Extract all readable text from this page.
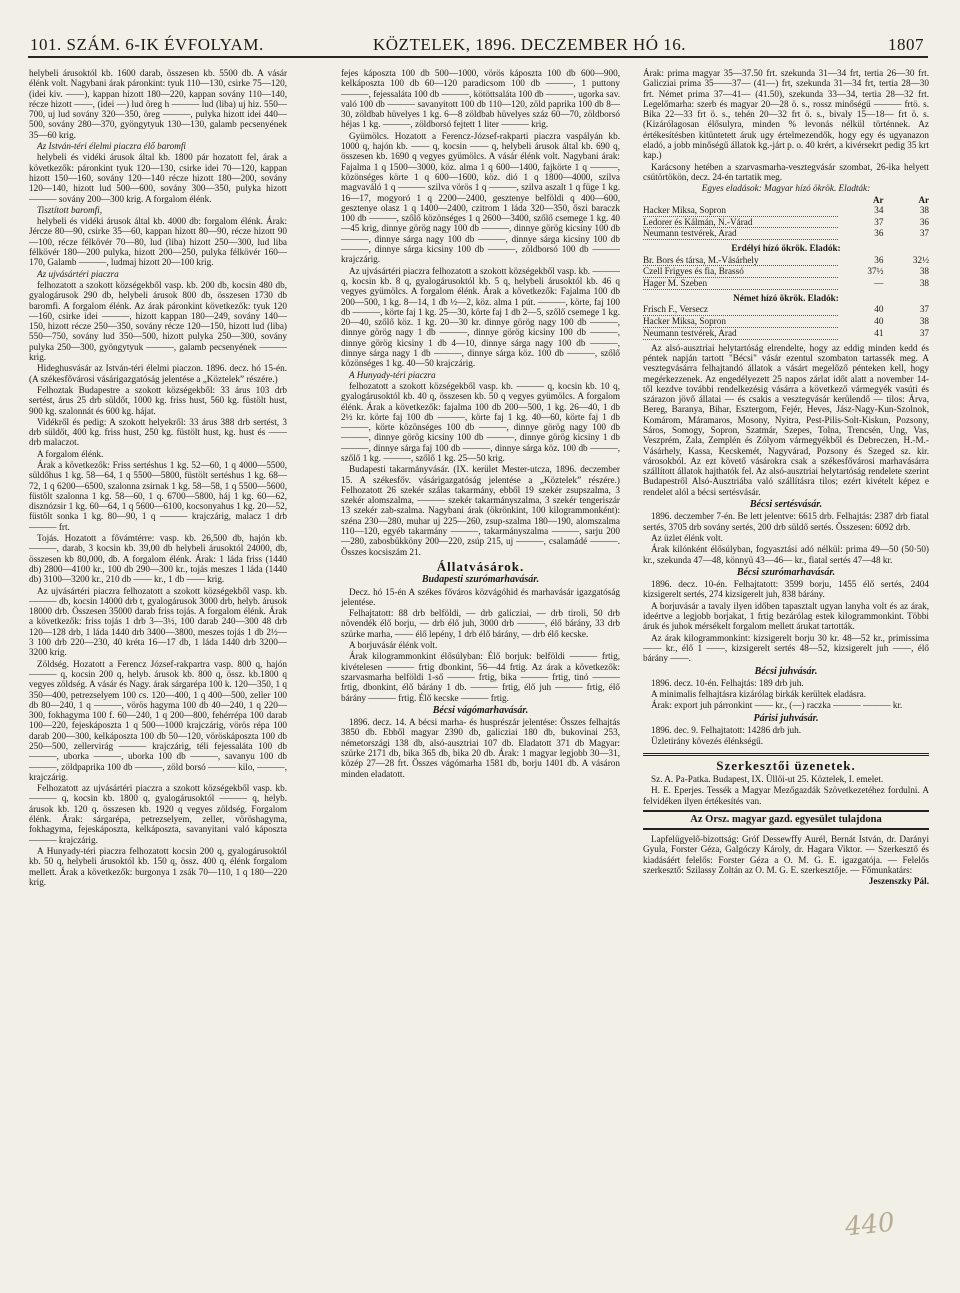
101. SZÁM. 6-IK ÉVFOLYAM.	KÖZTELEK, 1896. DECZEMBER HÓ 16.	1807

helybeli árusoktól kb. 1600 darab, összesen kb. 5500 db. A vásár élénk volt. Nagybani árak páronkint: tyuk 110—130, csirke 75—120, (idei kiv. ——), kappan hizott 180—220, kappan sovány 110—140, récze hizott ——, (idei —) lud öreg h ——— lud (liba) uj hiz. 550—700, uj lud sovány 320—350, öreg ———, pulyka hizott idei 440—500, sovány 280—370, gyöngytyuk 130—130, galamb pecsenyének 35—60 krig.

Az István-téri élelmi piaczra élő baromfi

helybeli és vidéki árusok által kb. 1800 pár hozatott fel, árak a következők: páronkint tyuk 120—130, csirke idei 70—120, kappan hizott 150—160, sovány 120—140 récze hizott 180—200, sovány 120—140, hizott lud 500—600, sovány 300—350, pulyka hizott ——— sovány 200—300 krig. A forgalom élénk.

Tisztított baromfi,

helybeli és vidéki árusok által kb. 4000 db: forgalom élénk. Árak: Jércze 80—90, csirke 35—60, kappan hizott 80—90, récze hizott 90—100, récze félkövér 70—80, lud (liba) hizott 250—300, lud liba félkövér 180—200 pulyka, hizott 200—250, pulyka félkövér 160—170, Galamb ———, ludmaj hizott 20—100 krig.

Az ujvásártéri piaczra

felhozatott a szokott községekből vasp. kb. 200 db, kocsin 480 db, gyalogárusok 290 db, helybeli árusok 800 db, összesen 1730 db baromfi. A forgalom élénk. Az árak páronkint következők: tyuk 120—160, csirke idei ———, hizott kappan 180—249, sovány 140—150, hizott récze 250—350, sovány récze 120—150, hizott lud (liba) 550—750, sovány lud 350—500, hizott pulyka 250—300, sovány pulyka 250—300, gyöngytyuk ———, galamb pecsenyének ——— krig.

Hideghusvásár az István-téri élelmi piaczon. 1896. decz. hó 15-én. (A székesfővárosi vásárigazgatóság jelentése a „Köztelek” részére.)

Felhoztak Budapestre a szokott községekből: 33 árus 103 drb sertést, árus 25 drb süldőt, 1000 kg. friss hust, 560 kg. füstölt hust, 900 kg. szalonnát és 600 kg. hájat.

Vidékről és pedig: A szokott helyekről: 33 árus 388 drb sertést, 3 drb süldőt, 400 kg. friss hust, 250 kg. füstölt hust, kg. hust és —— drb malaczot.

A forgalom élénk.

Árak a következők: Friss sertéshus 1 kg. 52—60, 1 q 4000—5500, süldőhus 1 kg. 58—64, 1 q 5500—5800, füstölt sertéshus 1 kg. 68—72, 1 q 6200—6500, szalonna zsirnak 1 kg. 58—58, 1 q 5500—5600, füstölt szalonna 1 kg. 58—60, 1 q. 6700—5800, háj 1 kg. 60—62, disznózsir 1 kg. 60—64, 1 q 5600—6100, kocsonyahus 1 kg. 20—52, füstölt sonka 1 kg. 80—90, 1 q ——— krajczárig, malacz 1 drb ——— frt.

Tojás. Hozatott a fővámtérre: vasp. kb. 26,500 db, hajón kb. ———, darab, 3 kocsin kb. 39,00 db helybeli árusoktól 24000, db, összesen kb 80,000, db. A forgalom élénk. Árak: 1 láda friss (1440 db) 2800—4100 kr., 100 db 290—300 kr., tojás meszes 1 láda (1440 db) 3100—3200 kr., 210 db —— kr., 1 db —— krig.

Az ujvásártéri piaczra felhozatott a szokott községekből vasp. kb. ——— db, kocsin 14000 drb t, gyalogárusok 3000 drb, helyb. árusok 18000 drb. Összesen 35000 darab friss tojás. A forgalom élénk. Árak a következők: friss tojás 1 drb 3—3½, 100 darab 240—300 48 drb 120—128 drb, 1 láda 1440 drb 3400—3800, meszes tojás 1 db 2½—3 100 drb 220—230, 40 kréta 16—17 db, 1 láda 1440 drb 3200—3200 krig.

Zöldség. Hozatott a Ferencz József-rakpartra vasp. 800 q, hajón ——— q, kocsin 200 q, helyb. árusok kb. 800 q, össz. kb.1800 q vegyes zöldség. A vásár és Nagy. árak sárgarépa 100 k. 120—350, 1 q 350—400, petrezselyem 100 cs. 120—400, 1 q 400—500, zeller 100 db 80—240, 1 q ———, vörös hagyma 100 db 40—240, 1 q 220—300, fokhagyma 100 f. 60—240, 1 q 200—800, fehérrépa 100 darab 100—220, fejeskáposzta 1 q 500—1000 krajczárig, vörös répa 100 darab 200—300, kelkáposzta 100 db 50—120, vöröskáposzta 100 db 250—500, zellervirág ——— krajczárig, téli fejessaláta 100 db ———, uborka ———, uborka 100 db ———, savanyu 100 db ———, zöldpaprika 100 db ———, zöld borsó ——— kilo, ———, krajczárig.

Felhozatott az ujvásártéri piaczra a szokott községekből vasp. kb. ——— q, kocsin kb. 1800 q, gyalogárusoktól ——— q, helyb. árusok kb. 120 q. összesen kb. 1920 q vegyes zöldség. Forgalom élénk. Árak: sárgarépa, petrezselyem, zeller, vöröshagyma, fokhagyma, fejeskáposzta, kelkáposzta, savanyitani való káposzta ——— krajczárig.

A Hunyady-téri piaczra felhozatott kocsin 200 q, gyalogárusoktól kb. 50 q, helybeli árusoktól kb. 150 q, össz. 400 q, élénk forgalom mellett. Árak a következők: burgonya 1 zsák 70—110, 1 q 180—220 krig.

fejes káposzta 100 db 500—1000, vörös káposzta 100 db 600—900, kelkáposzta 100 db 60—120 paradicsom 100 db ———, 1 puttony ———, fejessaláta 100 db ———, kötöttsaláta 100 db ———, ugorka sav. való 100 db ——— savanyitott 100 db 110—120, zöld paprika 100 db 8—30, zöldbab hüvelyes 1 kg. 6—8 zöldbab hüvelyes száz 60—70, zöldborsó héjas 1 kg. ———, zöldborsó fejtett 1 liter ——— krig.

Gyümölcs. Hozatott a Ferencz-József-rakparti piaczra vaspályán kb. 1000 q, hajón kb. —— q, kocsin —— q, helybeli árusok által kb. 690 q, összesen kb. 1690 q vegyes gyümölcs. A vásár élénk volt. Nagybani árak: Fajalma 1 q 1500—3000, köz. alma 1 q 600—1400, fajkörte 1 q ———, közönséges körte 1 q 600—1600, köz. dió 1 q 1800—4000, szilva magvaváló 1 q ——— szilva vörös 1 q ———, szilva aszalt 1 q füge 1 kg. 16—17, mogyoró 1 q 2200—2400, gesztenye belföldi q 400—600, gesztenye olasz 1 q 1400—2400, czitrom 1 láda 320—350, őszi baraczk 100 db ———, szőlő közönséges 1 q 2600—3400, szőlő csemege 1 kg. 40—45 krig, dinnye görög nagy 100 db ———, dinnye görög kicsiny 100 db ———, dinnye sárga nagy 100 db ———, dinnye sárga kicsiny 100 db ———, dinnye sárga kicsiny 100 db ———, zöldborsó 100 db ——— krajczárig.

Az ujvásártéri piaczra felhozatott a szokott községekből vasp. kb. ——— q, kocsin kb. 8 q, gyalogárusoktól kb. 5 q, helybeli árusoktól kb. 46 q vegyes gyümölcs. A forgalom élénk. Árak a következők: Fajalma 100 db 200—500, 1 kg. 8—14, 1 db ½—2, köz. alma 1 pút. ———, körte, faj 100 db ———, körte faj 1 kg. 25—30, körte faj 1 db 2—5, szőlő csemege 1 kg. 20—40, szőlő köz. 1 kg. 20—30 kr. dinnye görög nagy 100 db ———, dinnye görög nagy 1 db ———, dinnye görög kicsiny 100 db ———, dinnye görög kicsiny 1 db 4—10, dinnye sárga nagy 100 db ———, dinnye sárga nagy 1 db ———, dinnye sárga köz. 100 db ———, szőlő közönséges 1 kg. 40—50 krajczárig.

A Hunyady-téri piaczra

felhozatott a szokott községekből vasp. kb. ——— q, kocsin kb. 10 q, gyalogárusoktól kb. 40 q, összesen kb. 50 q vegyes gyümölcs. A forgalom élénk. Árak a következők: fajalma 100 db 200—500, 1 kg. 26—40, 1 db 2½ kr. körte faj 100 db ———, körte faj 1 kg. 40—60, körte faj 1 db ———, körte közönséges 100 db ———, dinnye görög nagy 100 db ———, dinnye görög kicsiny 100 db ———, dinnye görög kicsiny 1 db ———, dinnye sárga faj 100 db ———, dinnye sárga köz. 100 db ———, szőlő 1 kg. ———, szőlő 1 kg. 25—50 krig.

Budapesti takarmányvásár. (IX. kerület Mester-utcza, 1896. deczember 15. A székesfőv. vásárigazgatóság jelentése a „Köztelek” részére.) Felhozatott 26 szekér szálas takarmány, ebből 19 szekér zsupszalma, 3 szekér alomszalma, ——— szekér takarmányszalma, 3 szekér tengeriszár 13 szekér zab-szalma. Nagybani árak (ökrönkint, 100 kilogrammonként): széna 230—280, muhar uj 225—260, zsup-szalma 180—190, alomszalma 110—120, egyéb takarmány ———, takarmányszalma ———, sarju 200—280, zabosbükköny 200—220, zsúp 215, uj ———, csalamádé ———. Összes kocsiszám 21.

Állatvásárok.
Budapesti szurómarhavásár.

Decz. hó 15-én A székes főváros közvágóhid és marhavásár igazgatóság jelentése.

Felhajtatott: 88 drb belföldi, — drb galicziai, — drb tiroli, 50 drb növendék élő borju, — drb élő juh, 3000 drb ———, élő bárány, 33 drb szürke marha, —— élő lepény, 1 drb élő bárány, — drb élő kecske.

A borjuvásár élénk volt.

Árak kilogrammonkint élősúlyban: Élő borjuk: belföldi ——— frtig, kivételesen ——— frtig dbonkint, 56—44 frtig. Az árak a következők: szarvasmarha belföldi 1-ső ——— frtig, bika ——— frtig, tinó ——— frtig, dbonkint, élő bárány 1 db. ——— frtig, élő juh ——— frtig, élő bárány ——— frtig. Élő kecske ——— frtig.

Bécsi vágómarhavásár.

1896. decz. 14. A bécsi marha- és husprészár jelentése: Összes felhajtás 3850 db. Ebből magyar 2390 db, galicziai 180 db, bukovinai 253, németországi 138 db, alsó-ausztriai 107 db. Eladatott 371 db Magyar: szürke 2171 db, bika 365 db, bika 20 db. Árak: 1 magyar legjobb 30—31, közép 27—28 frt. Összes vágómarha 1581 db, borju 1401 db. A vásáron minden eladatott.

Árak: prima magyar 35—37.50 frt. szekunda 31—34 frt, tertia 26—30 frt. Galicziai prima 35——37— (41—) frt, szekunda 31—34 frt, tertia 28—30 frt. Német prima 37—41— (41.50), szekunda 33—34, tertia 28—32 frt. Legelőmarha: szerb és magyar 20—28 ö. s., rossz minőségű ——— frtö. s. Bika 22—33 frt ö. s., tehén 20—32 frt ö. s., bivaly 15—18— frt ö. s. (Kizárólagosan élősulyra, minden % levonás nélkül történnek. Az értékesítésben kitüntetett áruk ugy értelmezendők, hogy egy és ugyanazon eladó, a jobb minőségű állatok kg.-járt p. o. 40 krért, a kivérsekrt pedig 35 krt kap.)

Karácsony hetében a szarvasmarha-vesztegvásár szombat, 26-ika helyett csütörtökön, decz. 24-én tartatik meg.

Egyes eladások: Magyar hízó ökrök. Eladták:

	Ar	Ar
Hacker Miksa, Sopron	34	38
Ledorer és Kálmán, N.-Várad	37	36
Neumann testvérek, Arad	36	37

Erdélyi hízó ökrök. Eladók:

Br. Bors és társa, M.-Vásárhely	36	32½
Czell Frigyes és fia, Brassó	37½	38
Hager M. Szeben	—	38

Német hízó ökrök. Eladók:

Frisch F., Versecz	40	37
Hacker Miksa, Sopron	40	38
Neumann testvérek, Arad	41	37

Az alsó-ausztriai helytartóság elrendelte, hogy az eddig minden kedd és péntek napján tartott "Bécsi" vásár ezentul szombaton tartassék meg. A vesztegvásárra felhajtandó állatok a vásárt megelőző pénteken kell, hogy megérkezzenek. Az engedélyezett 25 napos zárlat időt alatt a november 14-től kezdve további rendelkezésig vásárra a következő vármegyék vasúti és szárazon jövő állatai — és csakis a vesztegvásár kerülendő — tilos: Árva, Bereg, Baranya, Bihar, Esztergom, Fejér, Heves, Jász-Nagy-Kun-Szolnok, Komárom, Máramaros, Mosony, Nyitra, Pest-Pilis-Solt-Kiskun, Pozsony, Sáros, Somogy, Sopron, Szatmár, Szepes, Tolna, Trencsén, Ung, Vas, Veszprém, Zala, Zemplén és Zólyom vármegyékből és Debreczen, H.-M.-Vásárhely, Kassa, Kecskemét, Nagyvárad, Pozsony és Szeged sz. kir. városokból. Az ezt követő vásárokra csak a székesfővárosi marhavásárra szállított állatok hajthatók fel. Az alsó-ausztriai helytartóság rendelete szerint Budapestről Alsó-Ausztriába való szállításra tilos; ezért kivételt képez e rendelet alól a bécsi sertésvásár.

Bécsi sertésvásár.

1896. deczember 7-én. Be lett jelentve: 6615 drb. Felhajtás: 2387 drb fiatal sertés, 3705 drb sovány sertés, 200 drb süldő sertés. Összesen: 6092 drb.

Az üzlet élénk volt.

Árak kilónként élősúlyban, fogyasztási adó nélkül: prima 49—50 (50·50) kr., szekunda 47—48, könnyü 43—46— kr., fiatal sertés 47—48 kr.

Bécsi szurómarhavásár.

1896. decz. 10-én. Felhajtatott: 3599 borju, 1455 élő sertés, 2404 kizsigerelt sertés, 274 kizsigerelt juh, 838 bárány.

A borjuvásár a tavaly ilyen időben tapasztalt ugyan lanyha volt és az árak, ideértve a legjobb borjakat, 1 frtig bezárólag estek kilogrammonkint. Többi áruk és juhok mérsékelt forgalom mellett árukat tartották.

Az árak kilogrammonkint: kizsigerelt borju 30 kr. 48—52 kr., primissima —— kr., élő 1 ——, kizsigerelt sertés 48—52, kizsigerelt juh ——, élő bárány ——.

Bécsi juhvásár.

1896. decz. 10-én. Felhajtás: 189 drb juh.

A minimalis felhajtásra kizárólag birkák kerültek eladásra.

Árak: export juh párronkint —— kr., (—) raczka ——— ——— kr.

Párisi juhvásár.

1896. dec. 9. Felhajtatott: 14286 drb juh.

Üzletirány kövezés élénkségű.

Szerkesztői üzenetek.

Sz. A. Pa-Patka. Budapest, IX. Üllői-ut 25. Köztelek, I. emelet.

H. E. Eperjes. Tessék a Magyar Mezőgazdák Szövetkezetéhez fordulni. A felvidéken ilyen értékesítés van.

Az Orsz. magyar gazd. egyesület tulajdona

Lapfelügyelő-bizottság: Gróf Dessewffy Aurél, Bernát István, dr. Darányi Gyula, Forster Géza, Galgóczy Károly, dr. Hagara Viktor. — Szerkesztő és kiadásáért felelős: Forster Géza a O. M. G. E. igazgatója. — Felelős szerkesztő: Szilassy Zoltán az O. M. G. E. szerkesztője. — Főmunkatárs:

Jeszenszky Pál.

440
